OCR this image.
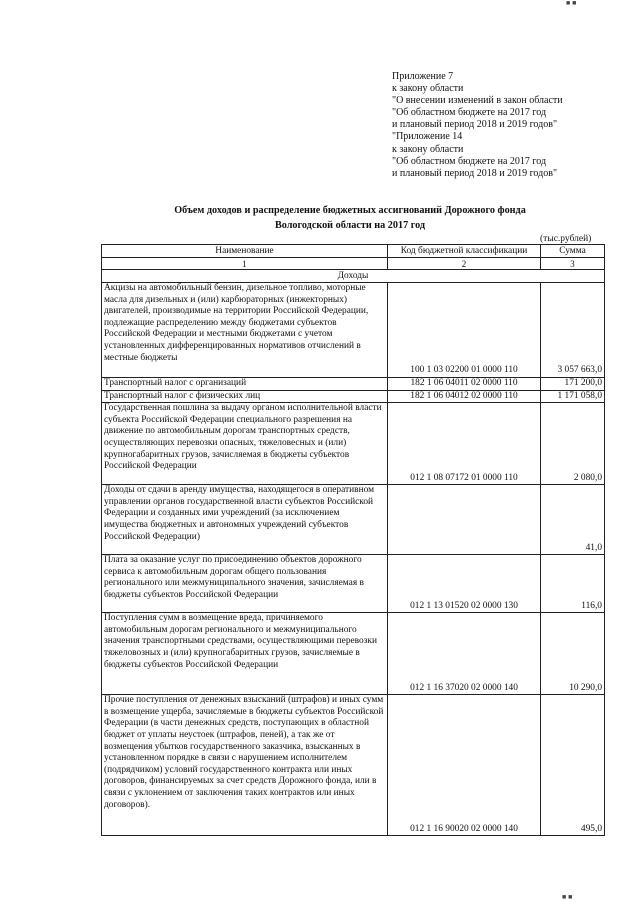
■ ■
Приложение 7
к закону области
"О внесении изменений в закон области
"Об областном бюджете на 2017 год
и плановый период 2018 и 2019 годов"
"Приложение 14
к закону области
"Об областном бюджете на 2017 год
и плановый период 2018 и 2019 годов"
Объем доходов и распределение бюджетных ассигнований Дорожного фонда
Вологодской области на 2017 год
(тыс.рублей)
Наименование	Код бюджетной классификации	Сумма
1	2	3
Доходы		
Акцизы на автомобильный бензин, дизельное топливо, моторные масла для дизельных и (или) карбюраторных (инжекторных) двигателей, производимые на территории Российской Федерации, подлежащие распределению между бюджетами субъектов Российской Федерации и местными бюджетами с учетом установленных дифференцированных нормативов отчислений в местные бюджеты	100 1 03 02200 01 0000 110	3 057 663,0
Транспортный налог с организаций	182 1 06 04011 02 0000 110	171 200,0
Транспортный налог с физических лиц	182 1 06 04012 02 0000 110	1 171 058,0
Государственная пошлина за выдачу органом исполнительной власти субъекта Российской Федерации специального разрешения на движение по автомобильным дорогам транспортных средств, осуществляющих перевозки опасных, тяжеловесных и (или) крупногабаритных грузов, зачисляемая в бюджеты субъектов Российской Федерации	012 1 08 07172 01 0000 110	2 080,0
Доходы от сдачи в аренду имущества, находящегося в оперативном управлении органов государственной власти субъектов Российской Федерации и созданных ими учреждений (за исключением имущества бюджетных и автономных учреждений субъектов Российской Федерации)		41,0
Плата за оказание услуг по присоединению объектов дорожного сервиса к автомобильным дорогам общего пользования регионального или межмуниципального значения, зачисляемая в бюджеты субъектов Российской Федерации	012 1 13 01520 02 0000 130	116,0
Поступления сумм в возмещение вреда, причиняемого автомобильным дорогам регионального и межмуниципального значения транспортными средствами, осуществляющими перевозки тяжеловозных и (или) крупногабаритных грузов, зачисляемые в бюджеты субъектов Российской Федерации	012 1 16 37020 02 0000 140	10 290,0
Прочие поступления от денежных взысканий (штрафов) и иных сумм в возмещение ущерба, зачисляемые в бюджеты субъектов Российской Федерации (в части денежных средств, поступающих в областной бюджет от уплаты неустоек (штрафов, пеней), а так же от возмещения убытков государственного заказчика, взысканных в установленном порядке в связи с нарушением исполнителем (подрядчиком) условий государственного контракта или иных договоров, финансируемых за счет средств Дорожного фонда, или в связи с уклонением от заключения таких контрактов или иных договоров).	012 1 16 90020 02 0000 140	495,0
■ ■
